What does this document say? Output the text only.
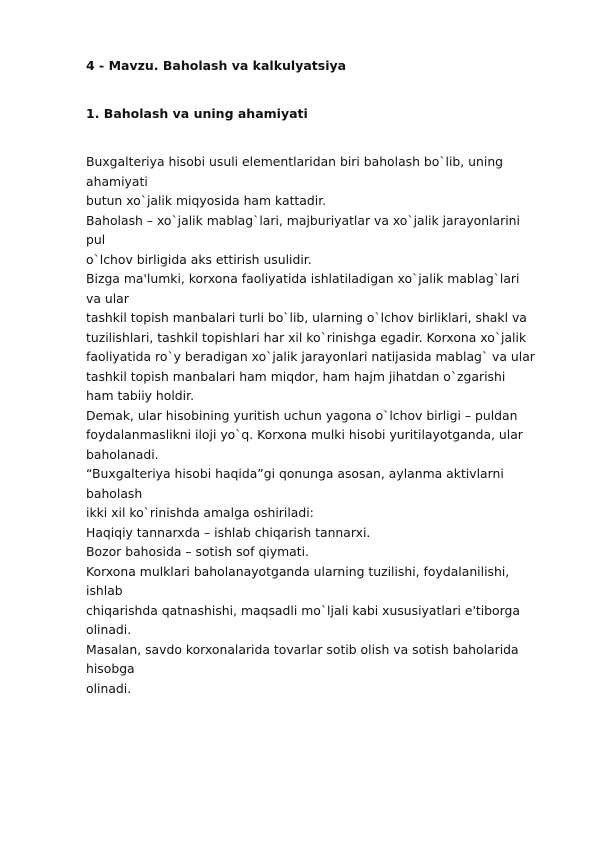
4 - Mavzu. Baholash va kalkulyatsiya

1. Baholash va uning ahamiyati

Buxgalteriya hisobi usuli elementlaridan biri baholash bo`lib, uning

ahamiyati

butun xo`jalik miqyosida ham kattadir.

Baholash – xo`jalik mablag`lari, majburiyatlar va xo`jalik jarayonlarini

pul

o`lchov birligida aks ettirish usulidir.

Bizga ma'lumki, korxona faoliyatida ishlatiladigan xo`jalik mablag`lari

va ular

tashkil topish manbalari turli bo`lib, ularning o`lchov birliklari, shakl va

tuzilishlari, tashkil topishlari har xil ko`rinishga egadir. Korxona xo`jalik

faoliyatida ro`y beradigan xo`jalik jarayonlari natijasida mablag` va ular

tashkil topish manbalari ham miqdor, ham hajm jihatdan o`zgarishi

ham tabiiy holdir.

Demak, ular hisobining yuritish uchun yagona o`lchov birligi – puldan

foydalanmaslikni iloji yo`q. Korxona mulki hisobi yuritilayotganda, ular

baholanadi.

“Buxgalteriya hisobi haqida”gi qonunga asosan, aylanma aktivlarni

baholash

ikki xil ko`rinishda amalga oshiriladi:

Haqiqiy tannarxda – ishlab chiqarish tannarxi.

Bozor bahosida – sotish sof qiymati.

Korxona mulklari baholanayotganda ularning tuzilishi, foydalanilishi,

ishlab

chiqarishda qatnashishi, maqsadli mo`ljali kabi xususiyatlari e'tiborga

olinadi.

Masalan, savdo korxonalarida tovarlar sotib olish va sotish baholarida

hisobga

olinadi.
